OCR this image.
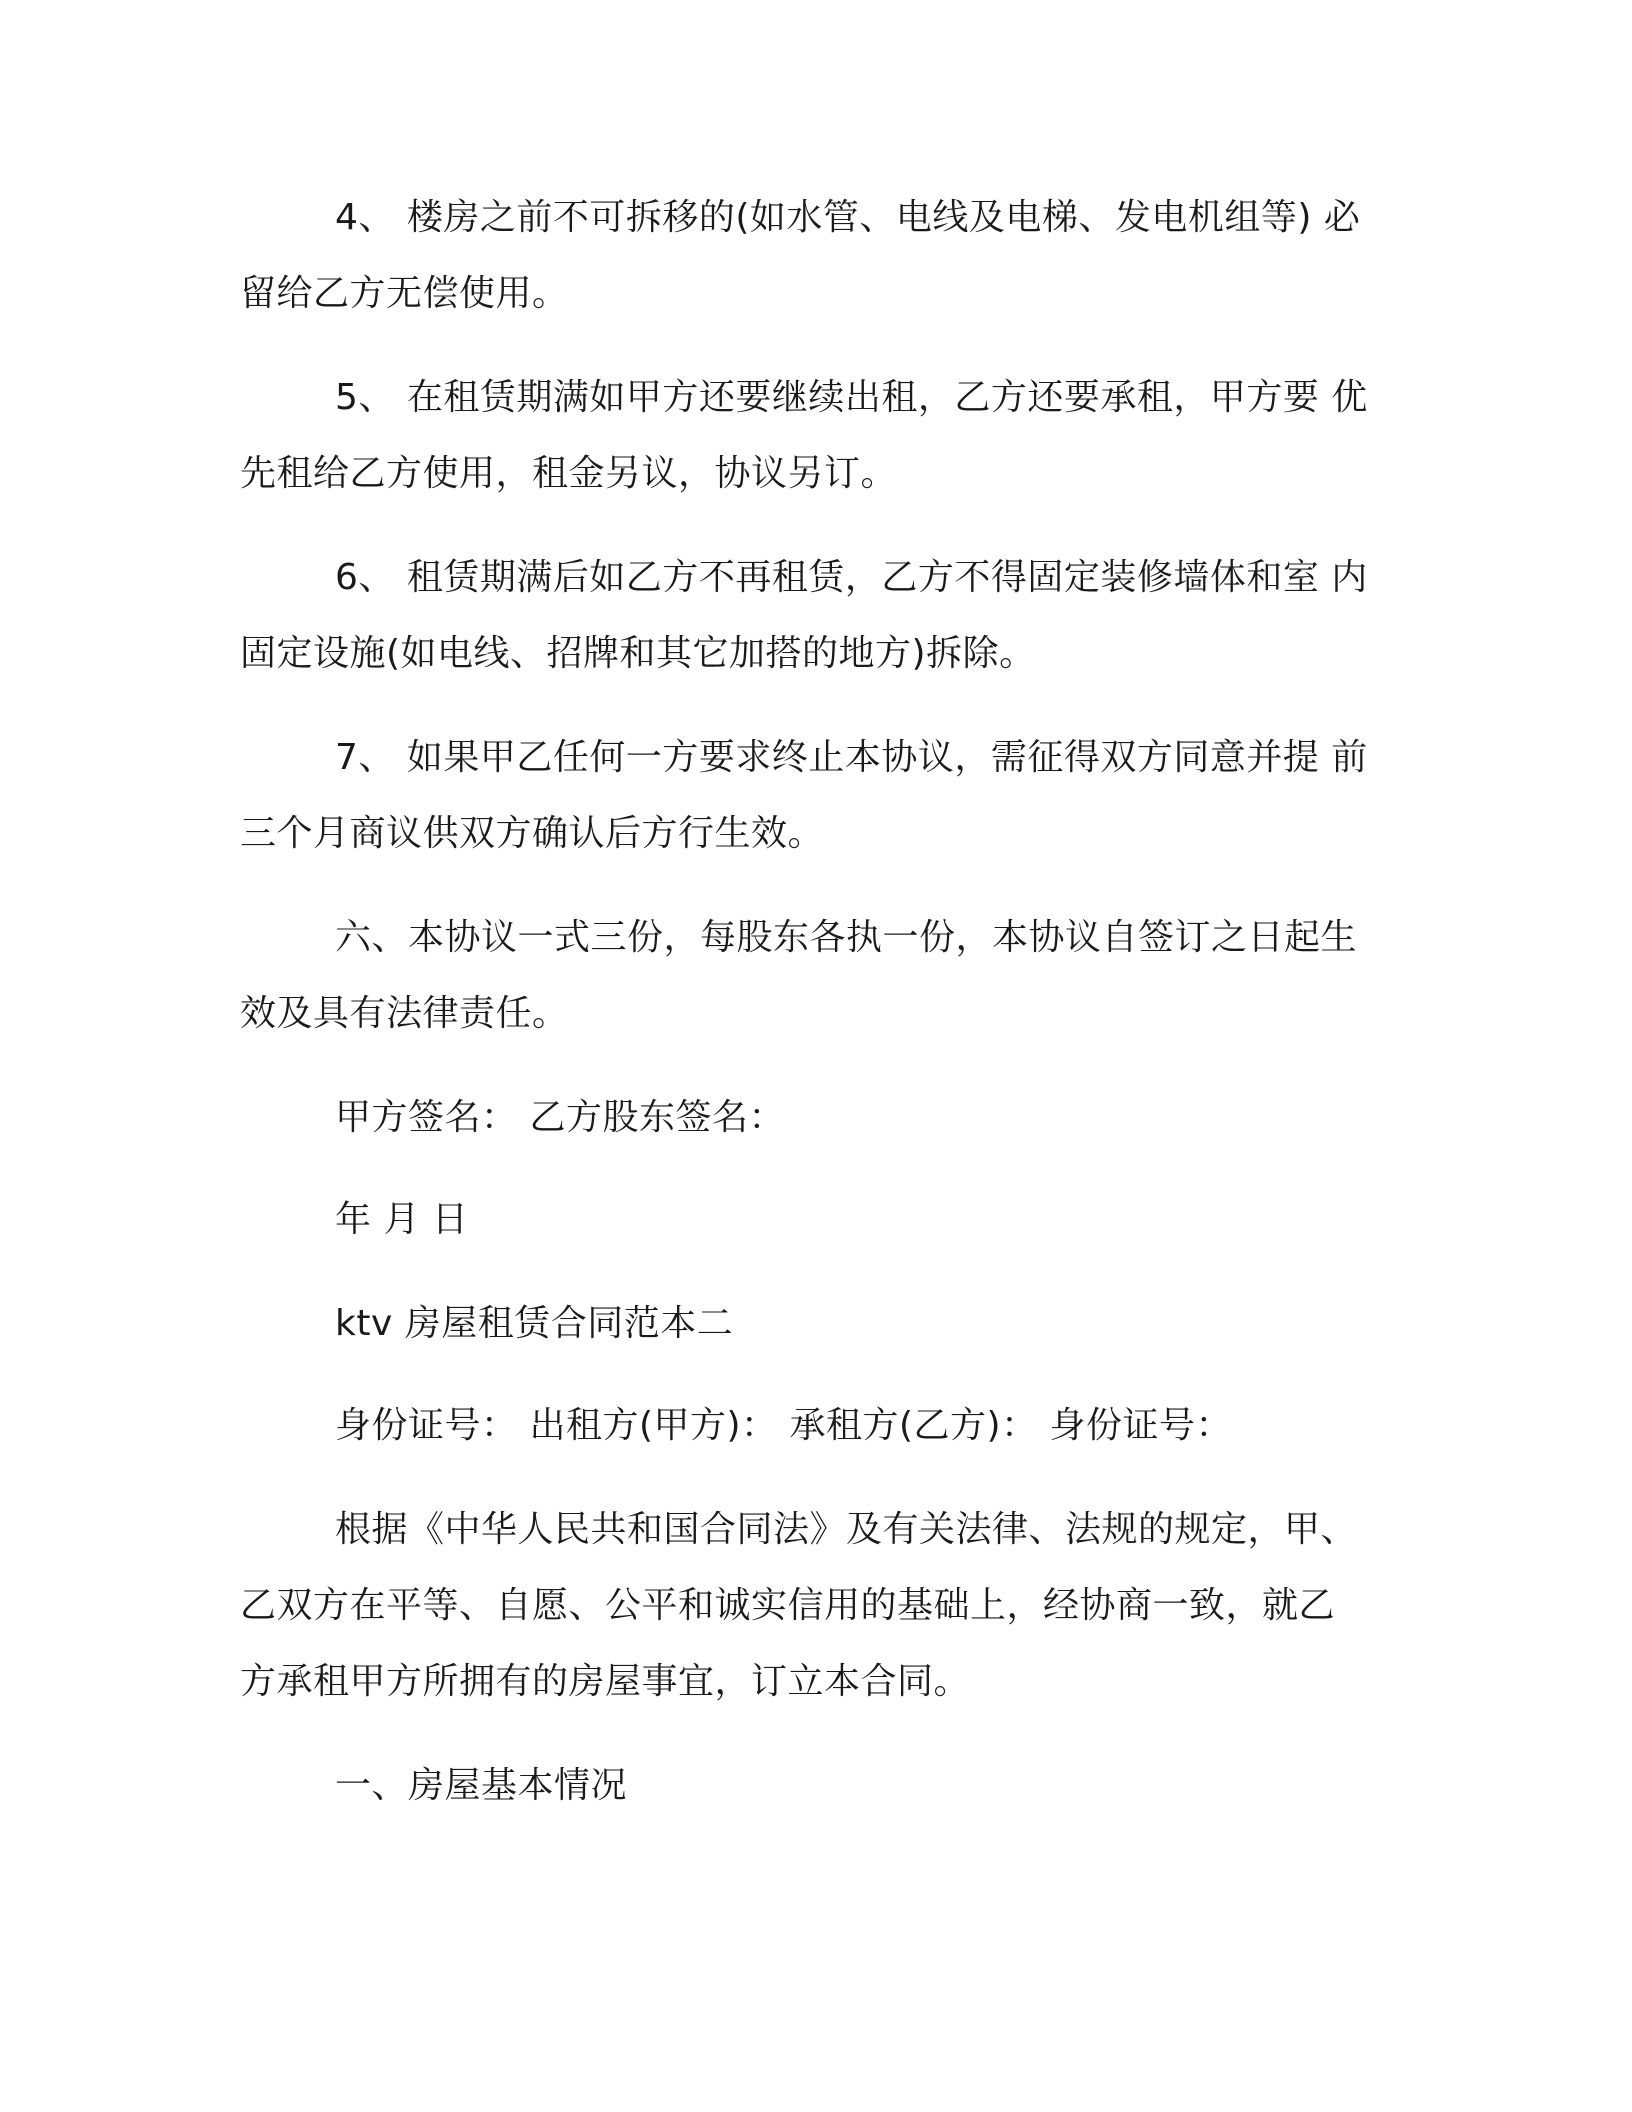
4、 楼房之前不可拆移的(如水管、电线及电梯、发电机组等) 必

留给乙方无偿使用。

5、 在租赁期满如甲方还要继续出租，乙方还要承租，甲方要 优

先租给乙方使用，租金另议，协议另订。

6、 租赁期满后如乙方不再租赁，乙方不得固定装修墙体和室 内

固定设施(如电线、招牌和其它加搭的地方)拆除。

7、 如果甲乙任何一方要求终止本协议，需征得双方同意并提 前

三个月商议供双方确认后方行生效。

六、本协议一式三份，每股东各执一份，本协议自签订之日起生

效及具有法律责任。

甲方签名： 乙方股东签名：

年 月 日

ktv 房屋租赁合同范本二

身份证号： 出租方(甲方)： 承租方(乙方)： 身份证号：

根据《中华人民共和国合同法》及有关法律、法规的规定，甲、

乙双方在平等、自愿、公平和诚实信用的基础上，经协商一致，就乙

方承租甲方所拥有的房屋事宜，订立本合同。

一、房屋基本情况
